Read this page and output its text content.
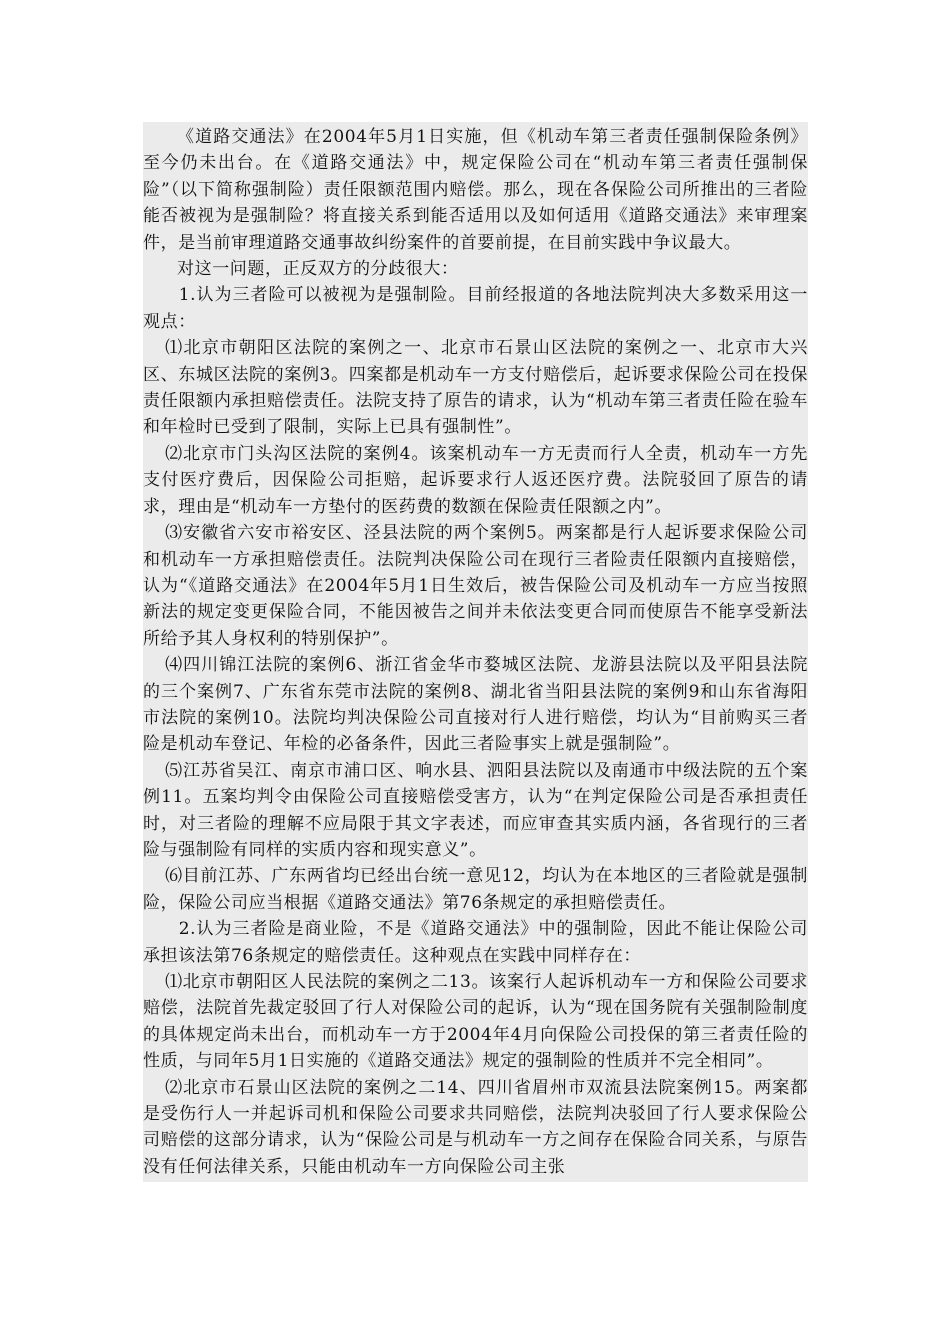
《道路交通法》在2004年5月1日实施，但《机动车第三者责任强制保险条例》至今仍未出台。在《道路交通法》中，规定保险公司在“机动车第三者责任强制保险”（以下简称强制险）责任限额范围内赔偿。那么，现在各保险公司所推出的三者险能否被视为是强制险？将直接关系到能否适用以及如何适用《道路交通法》来审理案件，是当前审理道路交通事故纠纷案件的首要前提，在目前实践中争议最大。

对这一问题，正反双方的分歧很大：

1.认为三者险可以被视为是强制险。目前经报道的各地法院判决大多数采用这一观点：

⑴北京市朝阳区法院的案例之一、北京市石景山区法院的案例之一、北京市大兴区、东城区法院的案例3。四案都是机动车一方支付赔偿后，起诉要求保险公司在投保责任限额内承担赔偿责任。法院支持了原告的请求，认为“机动车第三者责任险在验车和年检时已受到了限制，实际上已具有强制性”。

⑵北京市门头沟区法院的案例4。该案机动车一方无责而行人全责，机动车一方先支付医疗费后，因保险公司拒赔，起诉要求行人返还医疗费。法院驳回了原告的请求，理由是“机动车一方垫付的医药费的数额在保险责任限额之内”。

⑶安徽省六安市裕安区、泾县法院的两个案例5。两案都是行人起诉要求保险公司和机动车一方承担赔偿责任。法院判决保险公司在现行三者险责任限额内直接赔偿，认为“《道路交通法》在2004年5月1日生效后，被告保险公司及机动车一方应当按照新法的规定变更保险合同，不能因被告之间并未依法变更合同而使原告不能享受新法所给予其人身权利的特别保护”。

⑷四川锦江法院的案例6、浙江省金华市婺城区法院、龙游县法院以及平阳县法院的三个案例7、广东省东莞市法院的案例8、湖北省当阳县法院的案例9和山东省海阳市法院的案例10。法院均判决保险公司直接对行人进行赔偿，均认为“目前购买三者险是机动车登记、年检的必备条件，因此三者险事实上就是强制险”。

⑸江苏省吴江、南京市浦口区、响水县、泗阳县法院以及南通市中级法院的五个案例11。五案均判令由保险公司直接赔偿受害方，认为“在判定保险公司是否承担责任时，对三者险的理解不应局限于其文字表述，而应审查其实质内涵，各省现行的三者险与强制险有同样的实质内容和现实意义”。

⑹目前江苏、广东两省均已经出台统一意见12，均认为在本地区的三者险就是强制险，保险公司应当根据《道路交通法》第76条规定的承担赔偿责任。

2.认为三者险是商业险，不是《道路交通法》中的强制险，因此不能让保险公司承担该法第76条规定的赔偿责任。这种观点在实践中同样存在：

⑴北京市朝阳区人民法院的案例之二13。该案行人起诉机动车一方和保险公司要求赔偿，法院首先裁定驳回了行人对保险公司的起诉，认为“现在国务院有关强制险制度的具体规定尚未出台，而机动车一方于2004年4月向保险公司投保的第三者责任险的性质，与同年5月1日实施的《道路交通法》规定的强制险的性质并不完全相同”。

⑵北京市石景山区法院的案例之二14、四川省眉州市双流县法院案例15。两案都是受伤行人一并起诉司机和保险公司要求共同赔偿，法院判决驳回了行人要求保险公司赔偿的这部分请求，认为“保险公司是与机动车一方之间存在保险合同关系，与原告没有任何法律关系，只能由机动车一方向保险公司主张
